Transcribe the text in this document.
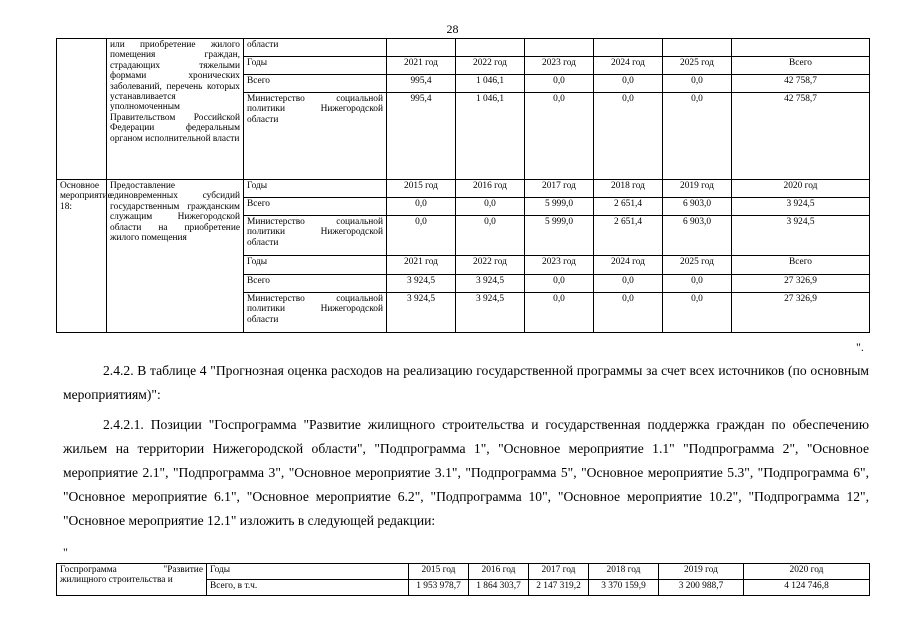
28
	или приобретение жилого помещения граждан, страдающих тяжелыми формами хронических заболеваний, перечень которых устанавливается уполномоченным Правительством Российской Федерации федеральным органом исполнительной власти	области						
		Годы	2021 год	2022 год	2023 год	2024 год	2025 год	Всего
		Всего	995,4	1 046,1	0,0	0,0	0,0	42 758,7
		Министерство социальной политики Нижегородской области	995,4	1 046,1	0,0	0,0	0,0	42 758,7
Основное мероприятие 18:	Предоставление единовременных субсидий государственным гражданским служащим Нижегородской области на приобретение жилого помещения	Годы	2015 год	2016 год	2017 год	2018 год	2019 год	2020 год
		Всего	0,0	0,0	5 999,0	2 651,4	6 903,0	3 924,5
		Министерство социальной политики Нижегородской области	0,0	0,0	5 999,0	2 651,4	6 903,0	3 924,5
		Годы	2021 год	2022 год	2023 год	2024 год	2025 год	Всего
		Всего	3 924,5	3 924,5	0,0	0,0	0,0	27 326,9
		Министерство социальной политики Нижегородской области	3 924,5	3 924,5	0,0	0,0	0,0	27 326,9
".

2.4.2. В таблице 4 "Прогнозная оценка расходов на реализацию государственной программы за счет всех источников (по основным мероприятиям)":

2.4.2.1. Позиции "Госпрограмма "Развитие жилищного строительства и государственная поддержка граждан по обеспечению жильем на территории Нижегородской области", "Подпрограмма 1", "Основное мероприятие 1.1" "Подпрограмма 2", "Основное мероприятие 2.1", "Подпрограмма 3", "Основное мероприятие 3.1", "Подпрограмма 5", "Основное мероприятие 5.3", "Подпрограмма 6", "Основное мероприятие 6.1", "Основное мероприятие 6.2", "Подпрограмма 10", "Основное мероприятие 10.2", "Подпрограмма 12", "Основное мероприятие 12.1" изложить в следующей редакции:

"
Госпрограмма "Развитие жилищного строительства и	Годы	2015 год	2016 год	2017 год	2018 год	2019 год	2020 год
	Всего, в т.ч.	1 953 978,7	1 864 303,7	2 147 319,2	3 370 159,9	3 200 988,7	4 124 746,8
